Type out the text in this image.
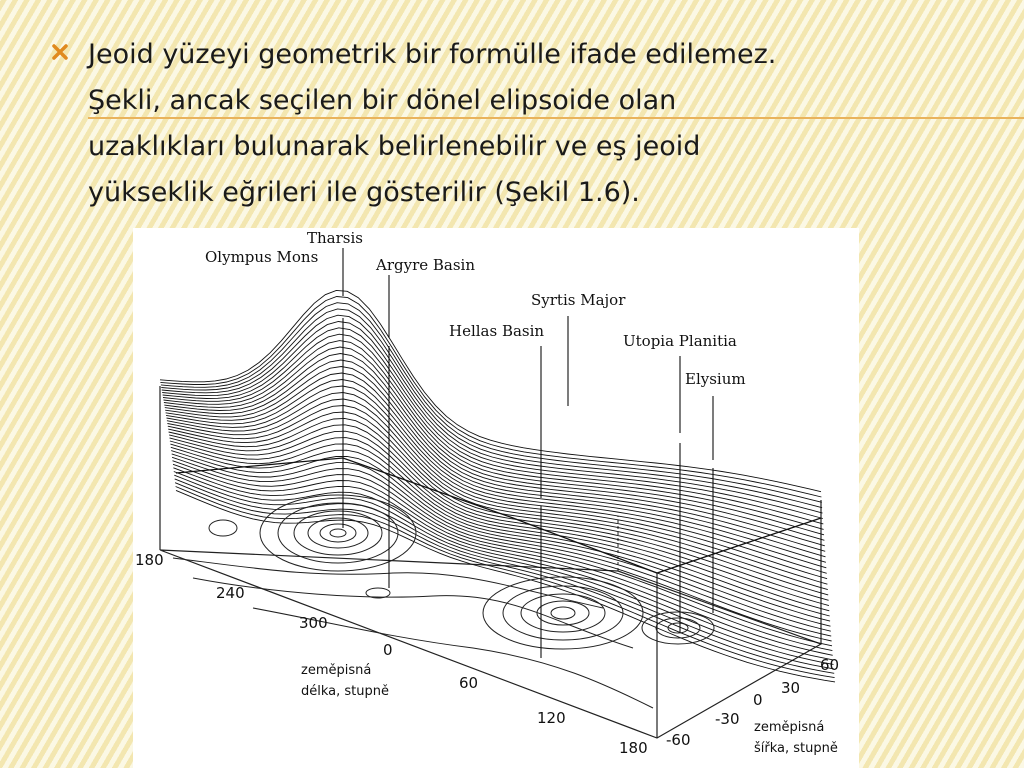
Jeoid yüzeyi geometrik bir formülle ifade edilemez.
Şekli, ancak seçilen bir dönel elipsoide olan
uzaklıkları bulunarak belirlenebilir ve eş jeoid
yükseklik eğrileri ile gösterilir (Şekil 1.6).
Tharsis
Olympus Mons	Argyre Basin
Syrtis Major
Hellas Basin
Utopia Planitia
Elysium
180
240
300
0
60
120
180
60
30
0
-30
-60
zeměpisná
délka, stupně
zeměpisná
šířka, stupně
